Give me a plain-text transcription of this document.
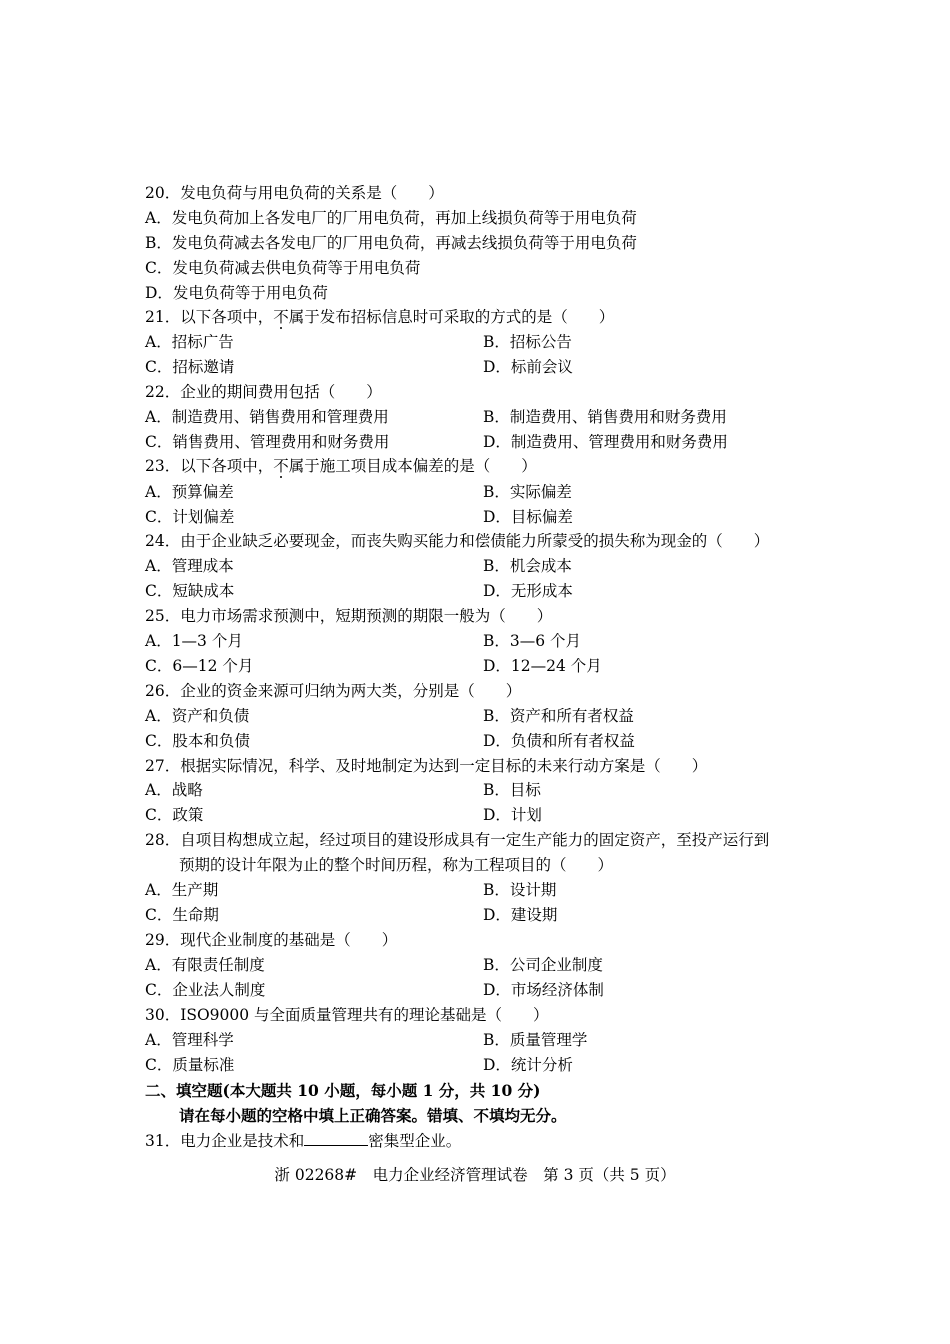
20．发电负荷与用电负荷的关系是（　　）
A．发电负荷加上各发电厂的厂用电负荷，再加上线损负荷等于用电负荷
B．发电负荷减去各发电厂的厂用电负荷，再减去线损负荷等于用电负荷
C．发电负荷减去供电负荷等于用电负荷
D．发电负荷等于用电负荷
21．以下各项中，不属于发布招标信息时可采取的方式的是（　　）
A．招标广告	B．招标公告
C．招标邀请	D．标前会议
22．企业的期间费用包括（　　）
A．制造费用、销售费用和管理费用	B．制造费用、销售费用和财务费用
C．销售费用、管理费用和财务费用	D．制造费用、管理费用和财务费用
23．以下各项中，不属于施工项目成本偏差的是（　　）
A．预算偏差	B．实际偏差
C．计划偏差	D．目标偏差
24．由于企业缺乏必要现金，而丧失购买能力和偿债能力所蒙受的损失称为现金的（　　）
A．管理成本	B．机会成本
C．短缺成本	D．无形成本
25．电力市场需求预测中，短期预测的期限一般为（　　）
A．1—3 个月	B．3—6 个月
C．6—12 个月	D．12—24 个月
26．企业的资金来源可归纳为两大类，分别是（　　）
A．资产和负债	B．资产和所有者权益
C．股本和负债	D．负债和所有者权益
27．根据实际情况，科学、及时地制定为达到一定目标的未来行动方案是（　　）
A．战略	B．目标
C．政策	D．计划
28．自项目构想成立起，经过项目的建设形成具有一定生产能力的固定资产，至投产运行到
预期的设计年限为止的整个时间历程，称为工程项目的（　　）
A．生产期	B．设计期
C．生命期	D．建设期
29．现代企业制度的基础是（　　）
A．有限责任制度	B．公司企业制度
C．企业法人制度	D．市场经济体制
30．ISO9000 与全面质量管理共有的理论基础是（　　）
A．管理科学	B．质量管理学
C．质量标准	D．统计分析
二、填空题(本大题共 10 小题，每小题 1 分，共 10 分)
请在每小题的空格中填上正确答案。错填、不填均无分。
31．电力企业是技术和	密集型企业。
浙 02268#　电力企业经济管理试卷　第 3 页（共 5 页）
